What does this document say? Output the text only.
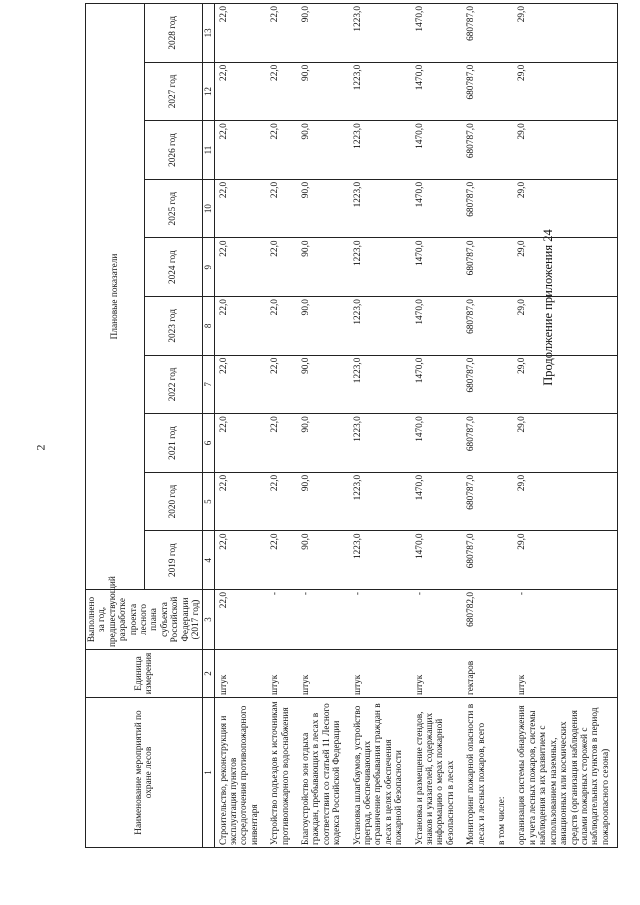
2
Продолжение приложения 24
Наименование мероприятий по охране лесов	Единица измерения	Выполнено за год, предшествующий разработке проекта лесного плана субъекта Российской Федерации (2017 год)	Плановые показатели									
			2019 год	2020 год	2021 год	2022 год	2023 год	2024 год	2025 год	2026 год	2027 год	2028 год
1	2	3	4	5	6	7	8	9	10	11	12	13
Строительство, реконструкция и эксплуатация пунктов сосредоточения противопожарного инвентаря	штук	22,0	22,0	22,0	22,0	22,0	22,0	22,0	22,0	22,0	22,0	22,0
Устройство подъездов к источникам противопожарного водоснабжения	штук	-	22,0	22,0	22,0	22,0	22,0	22,0	22,0	22,0	22,0	22,0
Благоустройство зон отдыха граждан, пребывающих в лесах в соответствии со статьей 11 Лесного кодекса Российской Федерации	штук	-	90,0	90,0	90,0	90,0	90,0	90,0	90,0	90,0	90,0	90,0
Установка шлагбаумов, устройство преград, обеспечивающих ограничение пребывания граждан в лесах в целях обеспечения пожарной безопасности	штук	-	1223,0	1223,0	1223,0	1223,0	1223,0	1223,0	1223,0	1223,0	1223,0	1223,0
Установка и размещение стендов, знаков и указателей, содержащих информацию о мерах пожарной безопасности в лесах	штук	-	1470,0	1470,0	1470,0	1470,0	1470,0	1470,0	1470,0	1470,0	1470,0	1470,0
Мониторинг пожарной опасности в лесах и лесных пожаров, всего	гектаров	680782,0	680787,0	680787,0	680787,0	680787,0	680787,0	680787,0	680787,0	680787,0	680787,0	680787,0
в том числе:												
организация системы обнаружения и учета лесных пожаров, системы наблюдения за их развитием с использованием наземных, авиационных или космических средств (организация наблюдения силами пожарных сторожей с наблюдательных пунктов в период пожароопасного сезона)	штук	-	29,0	29,0	29,0	29,0	29,0	29,0	29,0	29,0	29,0	29,0
